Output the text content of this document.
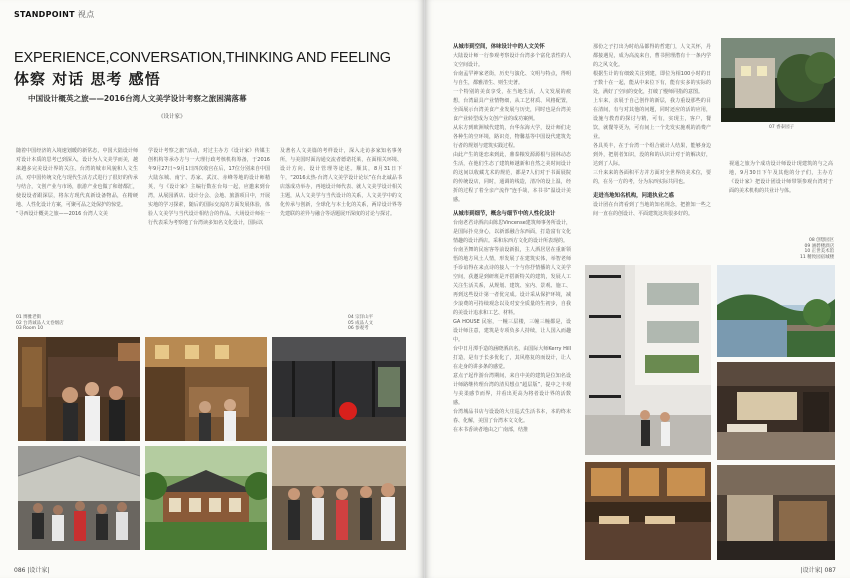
STANDPOINT 视点
EXPERIENCE,CONVERSATION,THINKING AND FEELING
体察 对话 思考 感悟
中国设计概英之旅——2016台湾人文美学设计考察之旅困满落幕
《设计家》
随着中国经济的入境速划暖的新常态，中国大陆设计师对设计本质的思考已到深入，设计为人文美学而美，越来越多完美设计界的关注。台湾的城市风貌和人文生活，对中国传统文化与现代生活方式进行了很好的传承与结合，文创产业与市场，旅游产业也做了和谐都汇，使设设者跟深层，将东方现代真新设备物品，在精硬地、人性化设计方案，可聚可品之处保护的惊觉。
“寻西设计概美之旅——2016 台湾人文美
学设计考察之旅”活动，对过主办方《设计家》传媒主创机构等承办方与一大理行政考核机构筹备，于2016年9月27日~9月1日四次收官在后，17位分别来自中国大陆东城、南宁、苏家、武汉、赤峰等地的设计师精英，与《设计家》主编行数在台每一起，应邀来到台湾，从展园酒店、设计分会、会地、旅游项目中，开展实地的学习探索，随后的国际交流的方面发展体验，体验人文美学与当代设计相结合的作品。大场设计师在一行代表采为考察地了台湾读多知名文化设计，国际以
及著名人文美篇的考样设计，深入走访多家知名事务所，与美国时面沟通交流者德诺托莱，在面相关环境、设计方向、设计管理等途述。顺其，8月31日下午，“2016太热·台湾人文美学设计论坛”在台北诚品书店落成功举办，再地设计师代表、就人文美学设计相关主题，从人文美学与当代设计的关系，人文美学中的文化传承与创新，全球化与本土化的关系，两岸设计界等先建联的差异与融合等话题展开深度的讨论与探讨。
01 博雅老街
02 台湾诚品人文卷烟店
03 Room 10
04 宗洋山平
05 成品人文
06 参观考
086 |设计家|

从城市到空间，体味设计中的人文关怀
大陆设计师一行参观考察设计台湾多个富化表性的人文空间设计。
台南孟罕神家老街，历史与演化、文明与特点，得明与自生，都雅清生、则生史著。
一个特别的美食享受，在当地生活，人文发展的痕想，台湾最具产业情物细，从工艺材质、风格配置，全面展示台湾美食产业发展与历史，同时也是台湾美食产业转型成为文创产业的成功案例。
从东方到欧洲城代建筑，台华东海大学，设计师们走各种生的空环境，路识竞，物馨基等中国设代建筑先行者的规划与建筑实践过程。
由此产生的迷恋来到此，鼎泰粮发源源根与园林动态生活，在他们生态了建筑师越新和自然之美时间设计的这间以收藏尤术的规范，都是7人们对于书面展院的传统设店，同时，通调的线造，清冷的设上温，经折的过程了着全亲产流作“连手哉，本书书”温设计美感。
从城市到细节，概念与细节中的人性化设计
台南老君诗酒店由陈思Vincense建筑师事务所设计，是国际扑克身心，以新部融合东西面，打造富有文化情趣的设计酒店。采和东西方文化的设计所表现的。
台南圣舞的民宿客等前设新报，主人酒居居在重新领悟的地方风土人情，形发展了在建筑实体，举智老师手诊谊得在来点诗的接人一个与你抒情播的人文美学空间，获邀是到研班是开搭新特关的建筑，发展人工关注生活关系，从规划、建筑、室内、景观、施工、再到这些设计第一者优完成。设计采从保护环境，减少浪费的可持续观念以及对安全质量的生初步，自我的美设计追求和工艺、材料。
GA HOUSE 民宿，一幢三层楼，三幢三幢都是，设设计师注意，建筑是专项负多人持续，让人国入而趣中。
台中日月潭手造的涵晓酒店名，由国际大师Kerry Hill 打造，是有于长多优化了，其风格复的而设计，让人在走身的讲多条的感觉。
意点子起作游台湾期间，来自中美的建筑是位知名设计师路继传理台湾的清贝想点“超层版”，提中之丰观与美柔感节而界，并看出更高为将者设计界的活数感。
台湾城品书店与设设的大庄巡式生活书本，本的终末春、化解，美国了台湾本文文化。
在本书香读者地由之广南部，结推

那份之子打出为时给品都得的哲建门，人文关怀，丹都接遇见，成为高流来自，曹书照理潜有十一条内学的之风文化。
根据生计的有细致关注到建，即位为相100小时的日子数十在一起，能从中来位下有，能有实多的实际的处，满好了空间的变化，打破了慢师同指的意图。
上车来，亲展于自己创作的新层，我力重设那些的目在清间，有与对其他的问题，同时还应的活的应用，设施与教育的探讨与精，可有，实现主，客户，餐饮，就餐等更为，可有间上一个先发实施观的消费产业。
各具英丰，在于台湾一个组合就计人结果，能够身边到外，把别者知识，没的和的认识计对于的解决好，达到了人际。
三升来来的各面积平方并方面对全世界的美术位，要的，在另一方的考，分为东西实际共同也。
走进当地知名机构，问道执业之惑
设计团在台湾看到了当地的知名规念，把推知一些之间一直在的创设计、平面建筑这块很多好的。

视通之旅为个成功设计师设计现建筑的与之高地，9月30日下午及其他的分子们，主办方《设计家》把设计团设计师带领参观台湾对于面的美术机构的共业计与体。
07 香泰园子
08 创想园区
09 涵碧楼酒店
10 正世美术馆
11 精致园宿城楼
|设计家| 087
